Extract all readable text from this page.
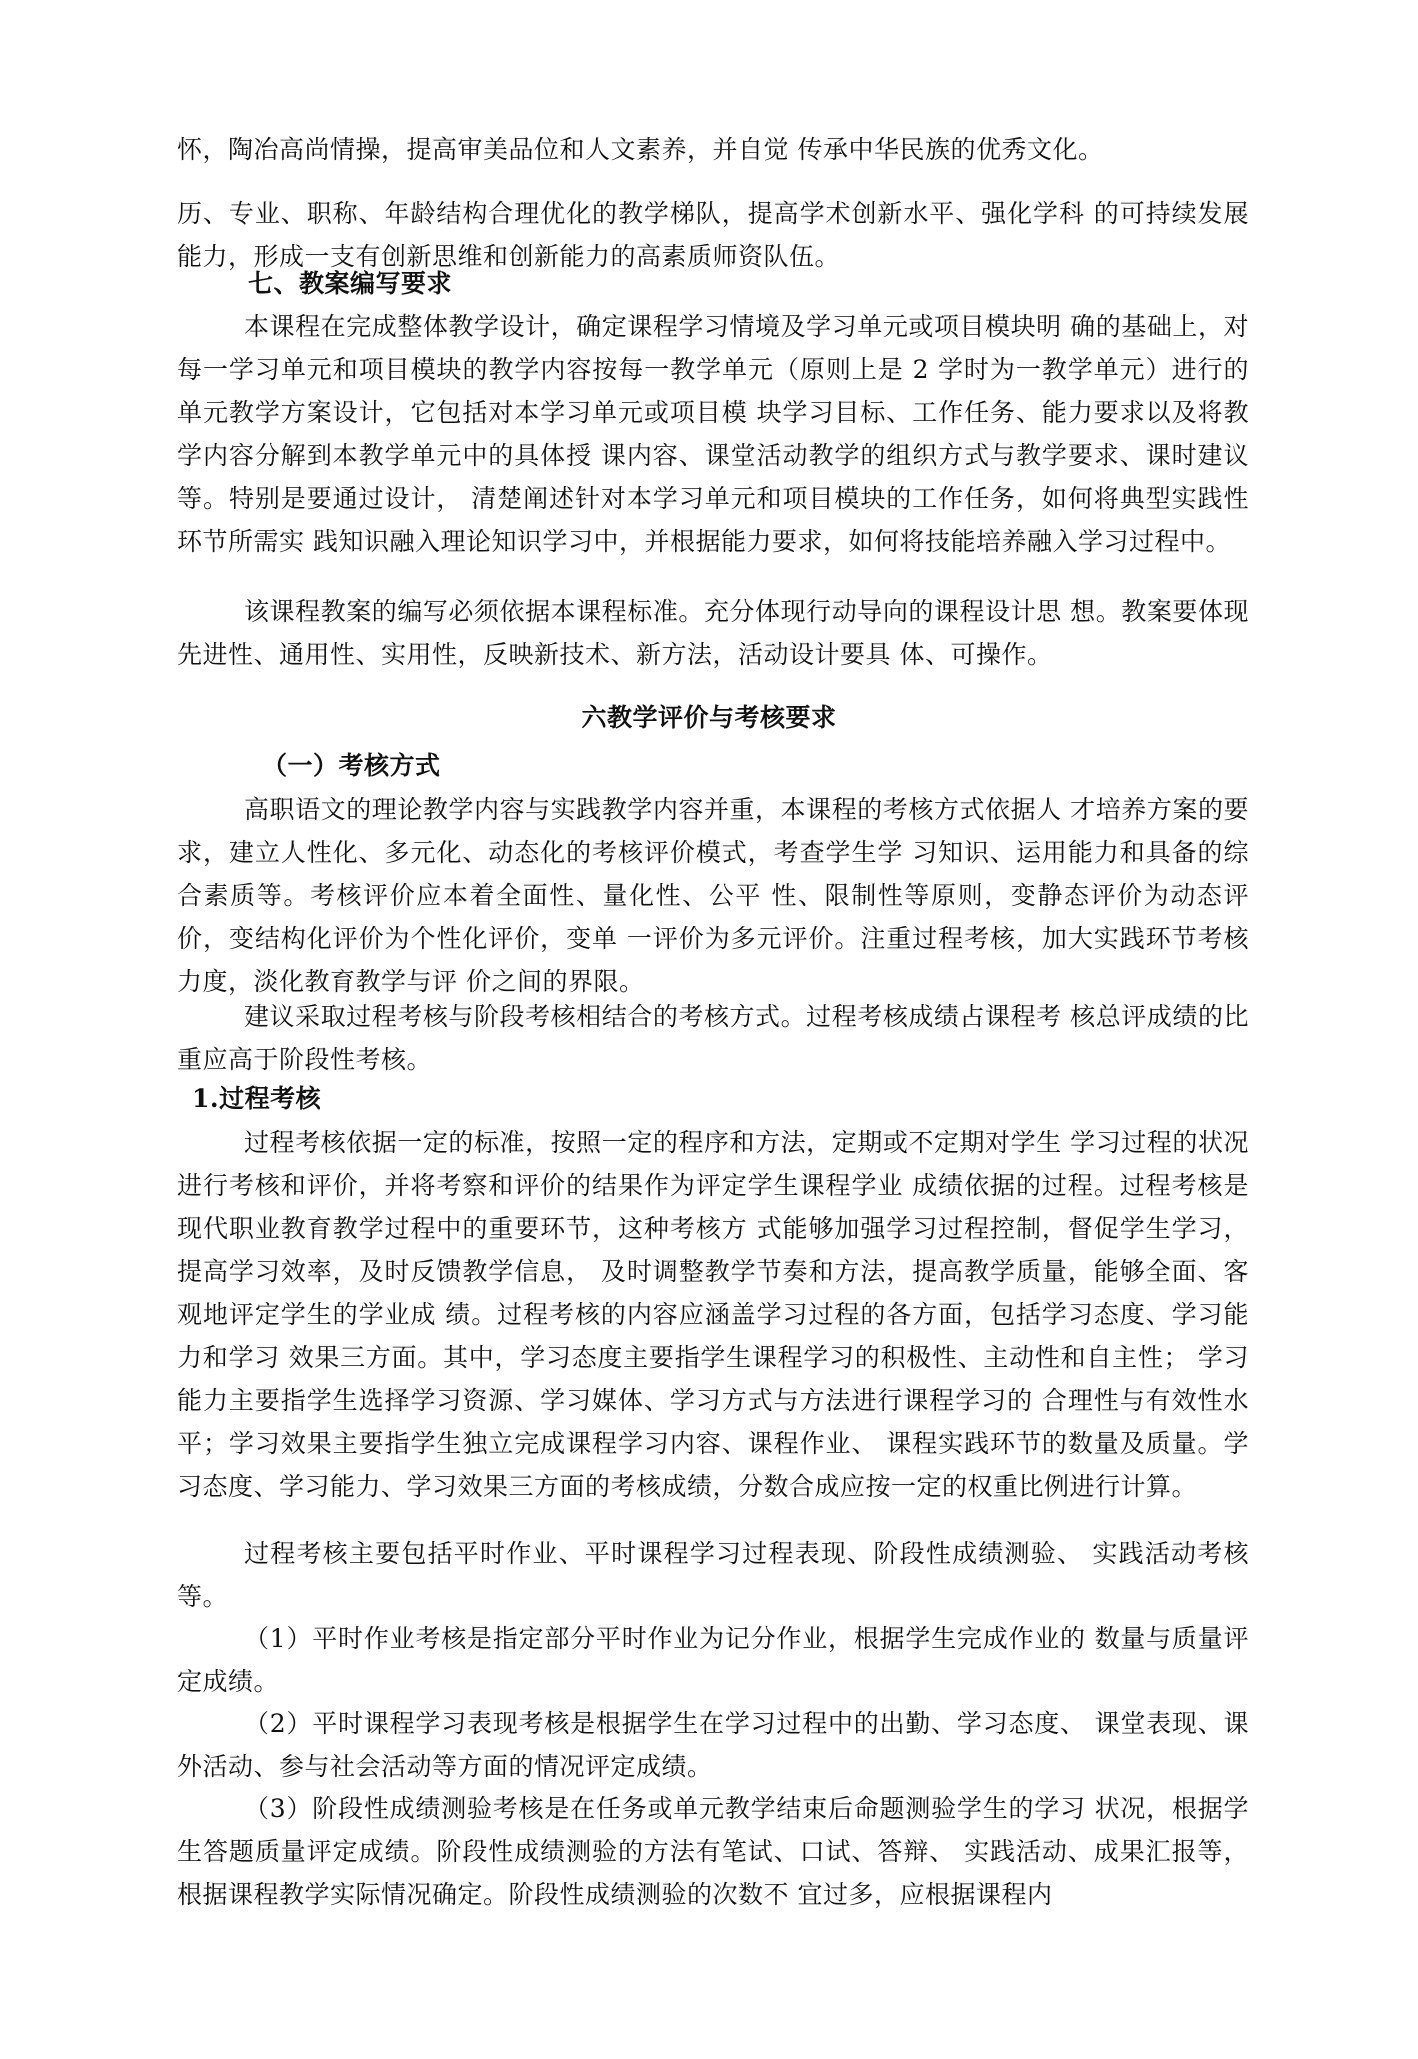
怀，陶冶高尚情操，提高审美品位和人文素养，并自觉 传承中华民族的优秀文化。

历、专业、职称、年龄结构合理优化的教学梯队，提高学术创新水平、强化学科 的可持续发展能力，形成一支有创新思维和创新能力的高素质师资队伍。

七、教案编写要求

本课程在完成整体教学设计，确定课程学习情境及学习单元或项目模块明 确的基础上，对每一学习单元和项目模块的教学内容按每一教学单元（原则上是 2 学时为一教学单元）进行的单元教学方案设计，它包括对本学习单元或项目模 块学习目标、工作任务、能力要求以及将教学内容分解到本教学单元中的具体授 课内容、课堂活动教学的组织方式与教学要求、课时建议等。特别是要通过设计， 清楚阐述针对本学习单元和项目模块的工作任务，如何将典型实践性环节所需实 践知识融入理论知识学习中，并根据能力要求，如何将技能培养融入学习过程中。

该课程教案的编写必须依据本课程标准。充分体现行动导向的课程设计思 想。教案要体现先进性、通用性、实用性，反映新技术、新方法，活动设计要具 体、可操作。

六教学评价与考核要求

（一）考核方式

高职语文的理论教学内容与实践教学内容并重，本课程的考核方式依据人 才培养方案的要求，建立人性化、多元化、动态化的考核评价模式，考查学生学 习知识、运用能力和具备的综合素质等。考核评价应本着全面性、量化性、公平 性、限制性等原则，变静态评价为动态评价，变结构化评价为个性化评价，变单 一评价为多元评价。注重过程考核，加大实践环节考核力度，淡化教育教学与评 价之间的界限。

建议采取过程考核与阶段考核相结合的考核方式。过程考核成绩占课程考 核总评成绩的比重应高于阶段性考核。

1.过程考核

过程考核依据一定的标准，按照一定的程序和方法，定期或不定期对学生 学习过程的状况进行考核和评价，并将考察和评价的结果作为评定学生课程学业 成绩依据的过程。过程考核是现代职业教育教学过程中的重要环节，这种考核方 式能够加强学习过程控制，督促学生学习，提高学习效率，及时反馈教学信息， 及时调整教学节奏和方法，提高教学质量，能够全面、客观地评定学生的学业成 绩。过程考核的内容应涵盖学习过程的各方面，包括学习态度、学习能力和学习 效果三方面。其中，学习态度主要指学生课程学习的积极性、主动性和自主性； 学习能力主要指学生选择学习资源、学习媒体、学习方式与方法进行课程学习的 合理性与有效性水平；学习效果主要指学生独立完成课程学习内容、课程作业、 课程实践环节的数量及质量。学习态度、学习能力、学习效果三方面的考核成绩，分数合成应按一定的权重比例进行计算。

过程考核主要包括平时作业、平时课程学习过程表现、阶段性成绩测验、 实践活动考核等。

（1）平时作业考核是指定部分平时作业为记分作业，根据学生完成作业的 数量与质量评定成绩。

（2）平时课程学习表现考核是根据学生在学习过程中的出勤、学习态度、 课堂表现、课外活动、参与社会活动等方面的情况评定成绩。

（3）阶段性成绩测验考核是在任务或单元教学结束后命题测验学生的学习 状况，根据学生答题质量评定成绩。阶段性成绩测验的方法有笔试、口试、答辩、 实践活动、成果汇报等，根据课程教学实际情况确定。阶段性成绩测验的次数不 宜过多，应根据课程内
